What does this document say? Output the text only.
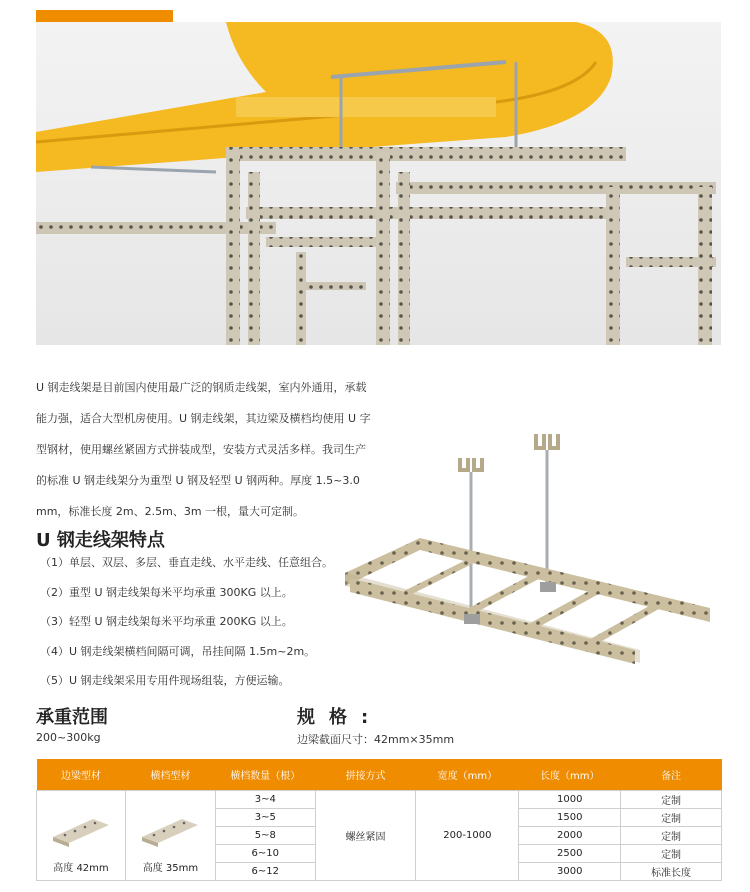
U 钢走线架是目前国内使用最广泛的钢质走线架，室内外通用，承载能力强，适合大型机房使用。U 钢走线架，其边梁及横档均使用 U 字型钢材，使用螺丝紧固方式拼装成型，安装方式灵活多样。我司生产的标准 U 钢走线架分为重型 U 钢及轻型 U 钢两种。厚度 1.5~3.0 mm，标准长度 2m、2.5m、3m 一根，量大可定制。

U 钢走线架特点
（1）单层、双层、多层、垂直走线、水平走线、任意组合。
（2）重型 U 钢走线架每米平均承重 300KG 以上。
（3）轻型 U 钢走线架每米平均承重 200KG 以上。
（4）U 钢走线架横档间隔可调，吊挂间隔 1.5m~2m。
（5）U 钢走线架采用专用件现场组装，方便运输。
承重范围
200~300kg
规格:
边梁截面尺寸：42mm×35mm
边梁型材	横档型材	横档数量（根）	拼接方式	宽度（mm）	长度（mm）	备注

高度 42mm	高度 35mm	3~4	螺丝紧固	200-1000	1000	定制
		3~5			1500	定制
		5~8			2000	定制
		6~10			2500	定制
		6~12			3000	标准长度
